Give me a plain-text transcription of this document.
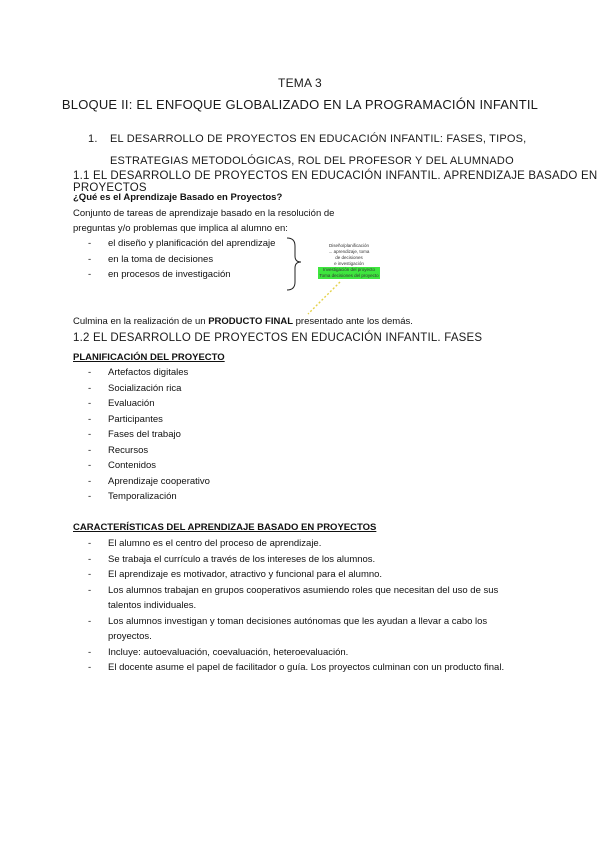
TEMA 3
BLOQUE II: EL ENFOQUE GLOBALIZADO EN LA PROGRAMACIÓN INFANTIL
1. EL DESARROLLO DE PROYECTOS EN EDUCACIÓN INFANTIL: FASES, TIPOS, ESTRATEGIAS METODOLÓGICAS, ROL DEL PROFESOR Y DEL ALUMNADO
1.1 EL DESARROLLO DE PROYECTOS EN EDUCACIÓN INFANTIL. APRENDIZAJE BASADO EN PROYECTOS
¿Qué es el Aprendizaje Basado en Proyectos?
Conjunto de tareas de aprendizaje basado en la resolución de
preguntas y/o problemas que implica al alumno en:
- el diseño y planificación del aprendizaje
- en la toma de decisiones
- en procesos de investigación
Diseño/planificación
... aprendizaje, toma
de decisiones
e investigación
Investigación del proyecto
Toma decisiones del proyecto
Culmina en la realización de un PRODUCTO FINAL presentado ante los demás.
1.2 EL DESARROLLO DE PROYECTOS EN EDUCACIÓN INFANTIL. FASES
PLANIFICACIÓN DEL PROYECTO
- Artefactos digitales
- Socialización rica
- Evaluación
- Participantes
- Fases del trabajo
- Recursos
- Contenidos
- Aprendizaje cooperativo
- Temporalización
CARACTERÍSTICAS DEL APRENDIZAJE BASADO EN PROYECTOS
- El alumno es el centro del proceso de aprendizaje.
- Se trabaja el currículo a través de los intereses de los alumnos.
- El aprendizaje es motivador, atractivo y funcional para el alumno.
- Los alumnos trabajan en grupos cooperativos asumiendo roles que necesitan del uso de sus talentos individuales.
- Los alumnos investigan y toman decisiones autónomas que les ayudan a llevar a cabo los proyectos.
- Incluye: autoevaluación, coevaluación, heteroevaluación.
- El docente asume el papel de facilitador o guía. Los proyectos culminan con un producto final.
